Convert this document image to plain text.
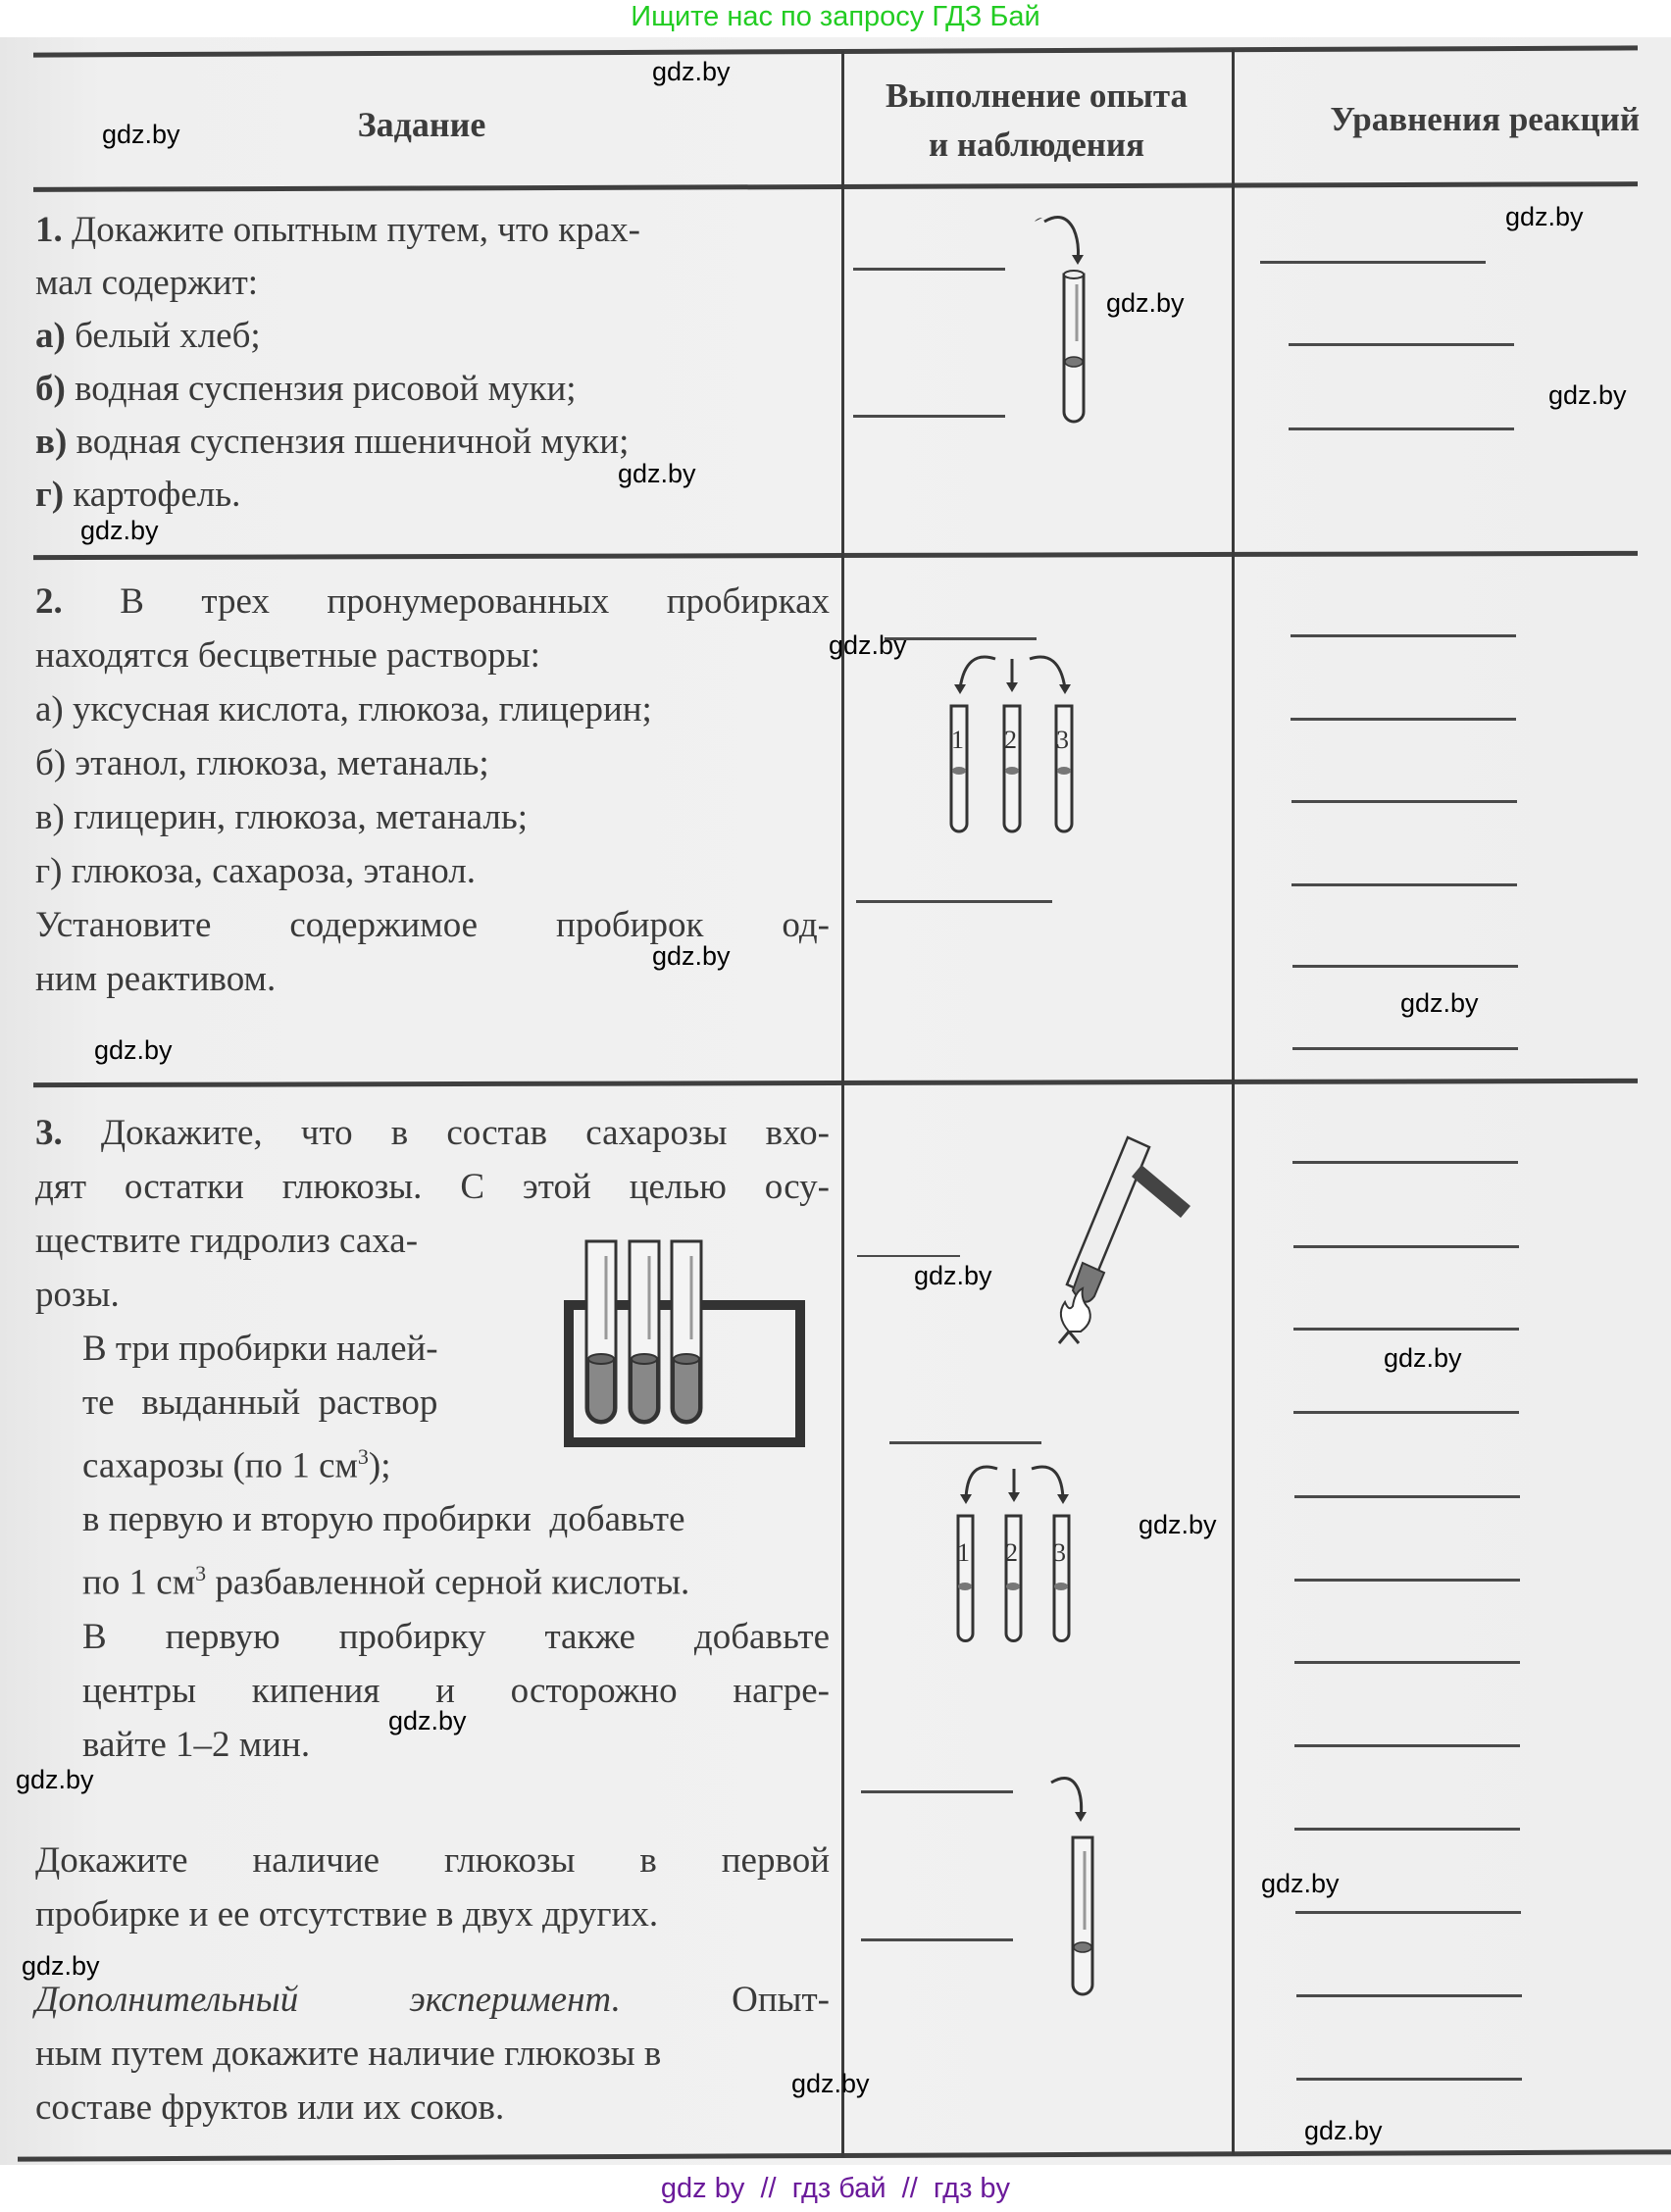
Ищите нас по запросу ГДЗ Бай
Задание
Выполнение опыта
и наблюдения
Уравнения реакций

1. Докажите опытным путем, что крах-

мал содержит:

а) белый хлеб;

б) водная суспензия рисовой муки;

в) водная суспензия пшеничной муки;

г) картофель.

2. В трех пронумерованных пробирках

находятся бесцветные растворы:

а) уксусная кислота, глюкоза, глицерин;

б) этанол, глюкоза, метаналь;

в) глицерин, глюкоза, метаналь;

г) глюкоза, сахароза, этанол.

Установите содержимое пробирок од-

ним реактивом.

3. Докажите, что в состав сахарозы вхо-

дят остатки глюкозы. С этой целью осу-

ществите гидролиз саха-

розы.

В три пробирки налей-

те   выданный  раствор

сахарозы (по 1 $см^3$);

в первую и вторую пробирки  добавьте

по 1 $см^3$ разбавленной серной кислоты.

В первую пробирку также добавьте

центры кипения и осторожно нагре-

вайте 1–2 мин.

Докажите наличие глюкозы в первой

пробирке и ее отсутствие в двух других.

Дополнительный эксперимент. Опыт-

ным путем докажите наличие глюкозы в

составе фруктов или их соков.

1 2 3
1 2 3
gdz.by
gdz.by
gdz.by
gdz.by
gdz.by
gdz.by
gdz.by
gdz.by
gdz.by
gdz.by
gdz.by
gdz.by
gdz.by
gdz.by
gdz.by
gdz.by
gdz.by
gdz.by
gdz.by
gdz.by
gdz by  //  гдз бай  //  гдз by
